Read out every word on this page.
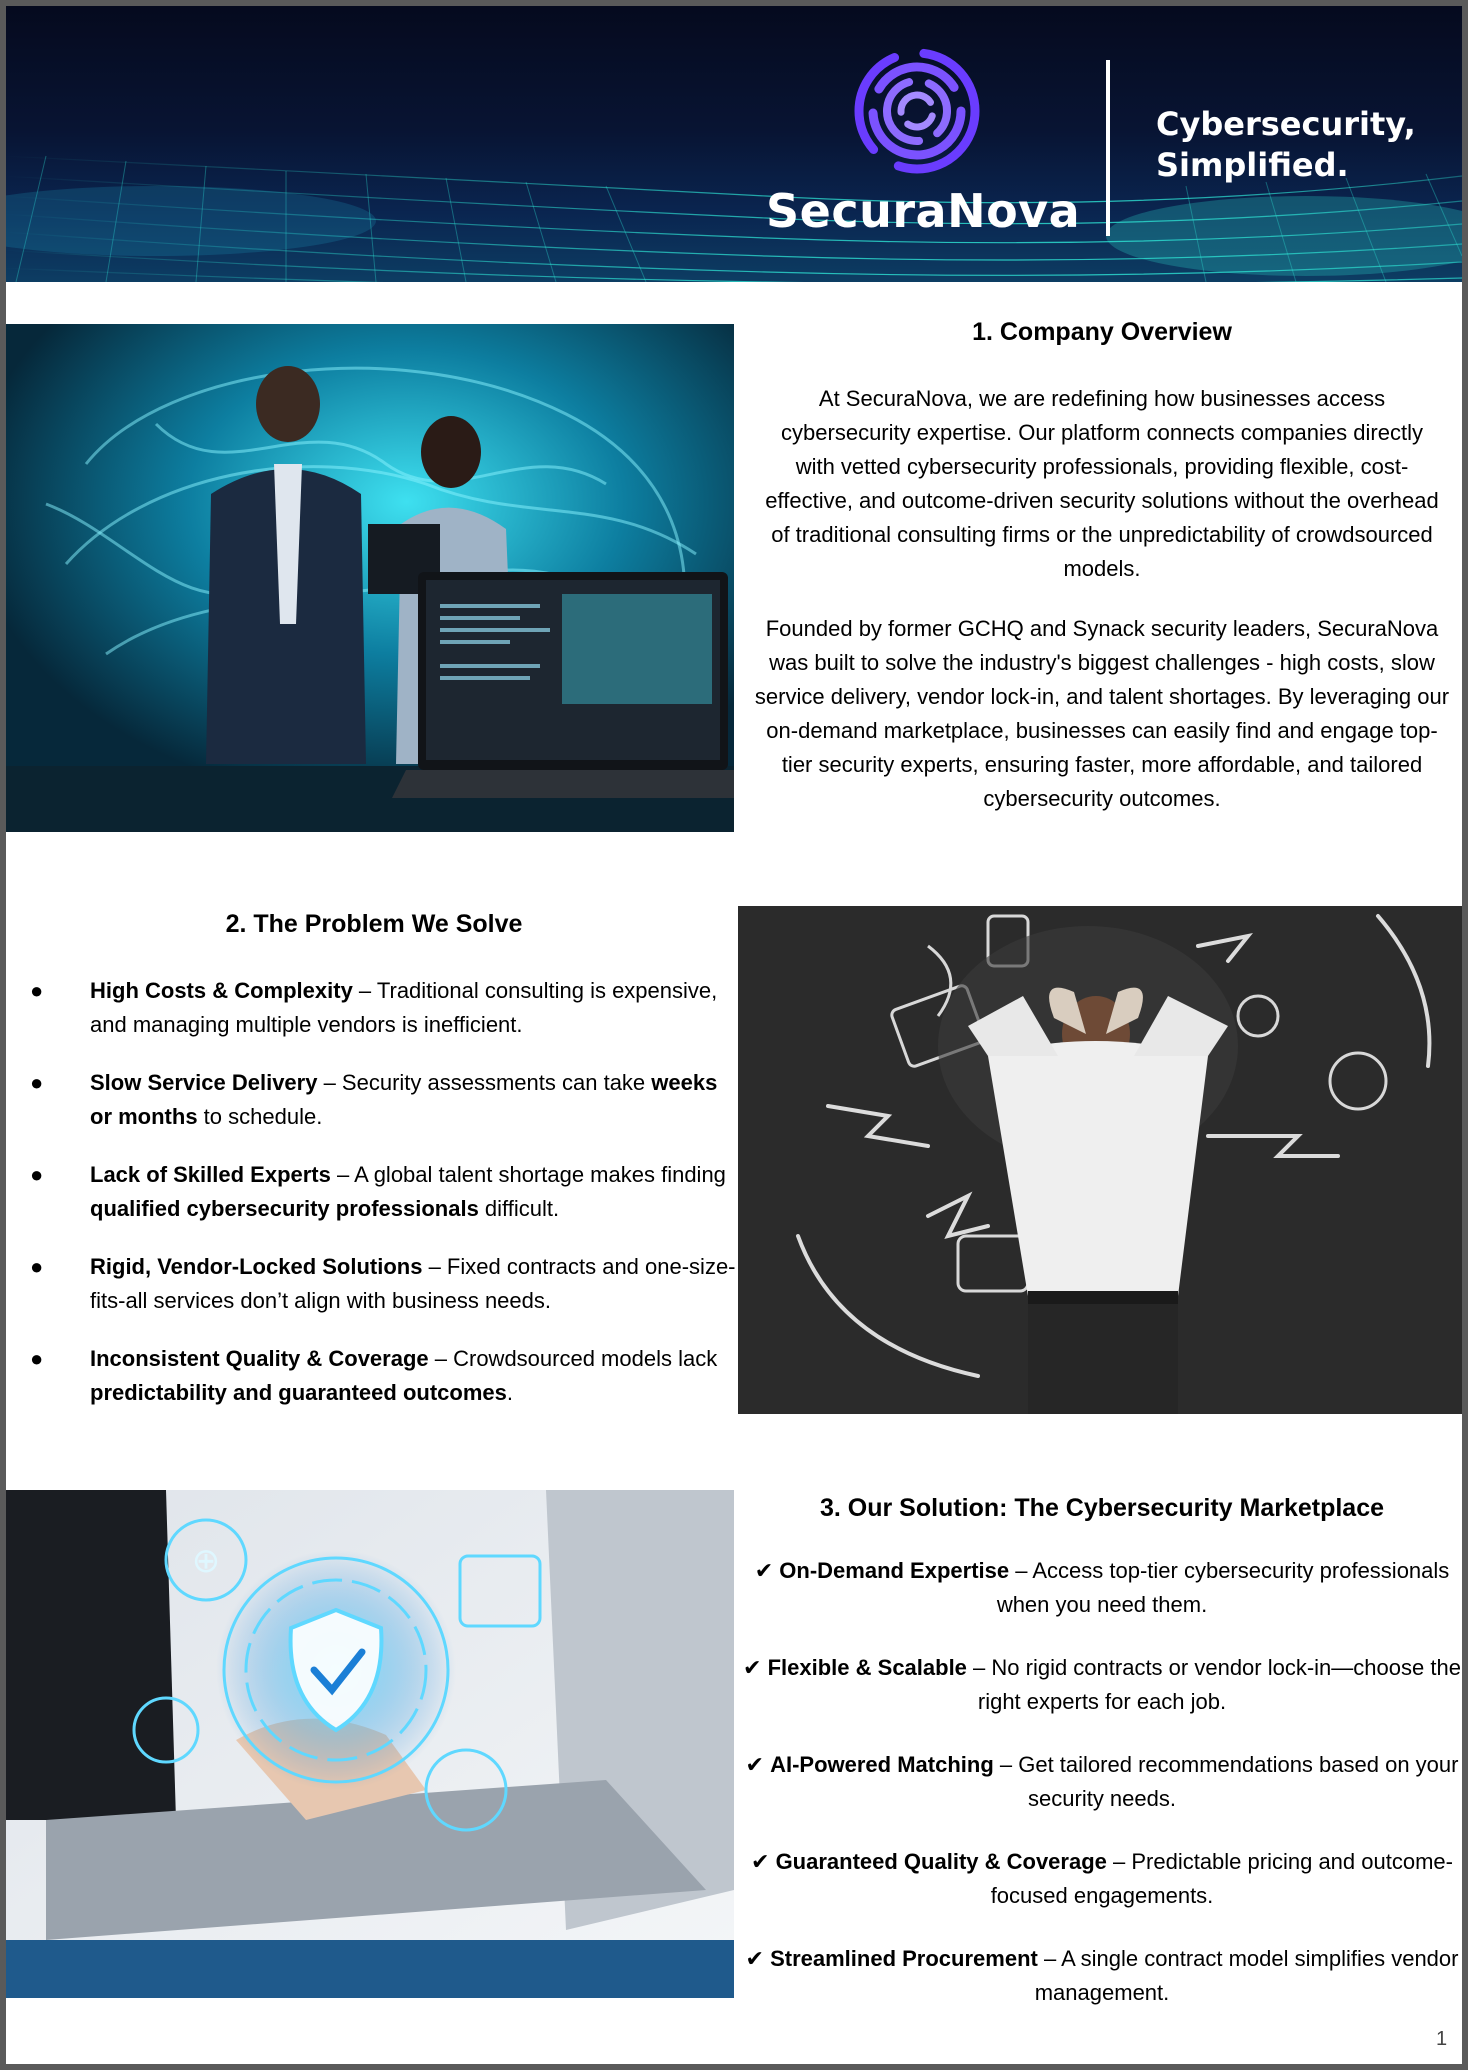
SecuraNova
Cybersecurity,
Simplified.
1. Company Overview

At SecuraNova, we are redefining how businesses access cybersecurity expertise. Our platform connects companies directly with vetted cybersecurity professionals, providing flexible, cost-effective, and outcome-driven security solutions without the overhead of traditional consulting firms or the unpredictability of crowdsourced models.

Founded by former GCHQ and Synack security leaders, SecuraNova was built to solve the industry's biggest challenges - high costs, slow service delivery, vendor lock-in, and talent shortages. By leveraging our on-demand marketplace, businesses can easily find and engage top-tier security experts, ensuring faster, more affordable, and tailored cybersecurity outcomes.

2. The Problem We Solve
● High Costs & Complexity – Traditional consulting is expensive, and managing multiple vendors is inefficient.
● Slow Service Delivery – Security assessments can take weeks or months to schedule.
● Lack of Skilled Experts – A global talent shortage makes finding qualified cybersecurity professionals difficult.
● Rigid, Vendor-Locked Solutions – Fixed contracts and one-size-fits-all services don’t align with business needs.
● Inconsistent Quality & Coverage – Crowdsourced models lack predictability and guaranteed outcomes.
⊕
3. Our Solution: The Cybersecurity Marketplace
✔ On-Demand Expertise – Access top-tier cybersecurity professionals when you need them.
✔ Flexible & Scalable – No rigid contracts or vendor lock-in—choose the right experts for each job.
✔ AI-Powered Matching – Get tailored recommendations based on your security needs.
✔ Guaranteed Quality & Coverage – Predictable pricing and outcome-focused engagements.
✔ Streamlined Procurement – A single contract model simplifies vendor management.
1
